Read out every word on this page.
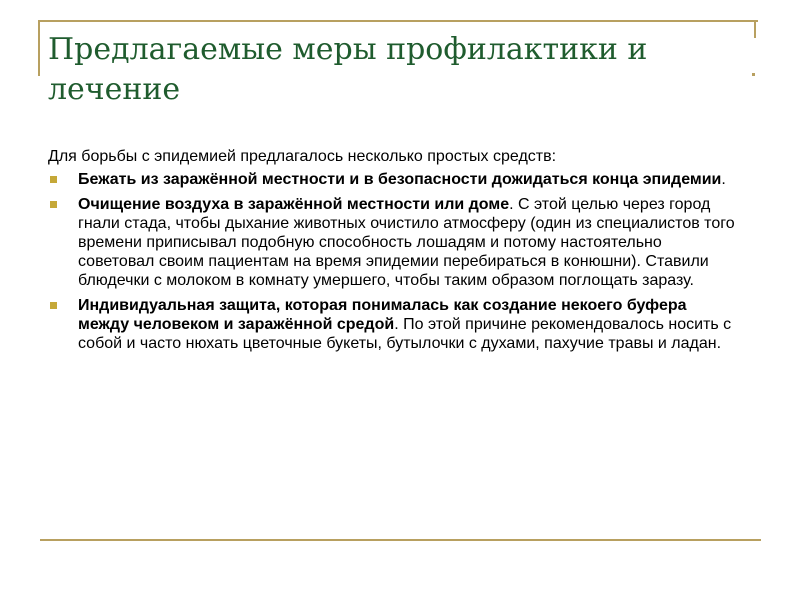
Предлагаемые меры профилактики и лечение

Для борьбы с эпидемией предлагалось несколько простых средств:

Бежать из заражённой местности и в безопасности дожидаться конца эпидемии.
Очищение воздуха в заражённой местности или доме. С этой целью через город гнали стада, чтобы дыхание животных очистило атмосферу (один из специалистов того времени приписывал подобную способность лошадям и потому настоятельно советовал своим пациентам на время эпидемии перебираться в конюшни). Ставили блюдечки с молоком в комнату умершего, чтобы таким образом поглощать заразу.
Индивидуальная защита, которая понималась как создание некоего буфера между человеком и заражённой средой. По этой причине рекомендовалось носить с собой и часто нюхать цветочные букеты, бутылочки с духами, пахучие травы и ладан.
